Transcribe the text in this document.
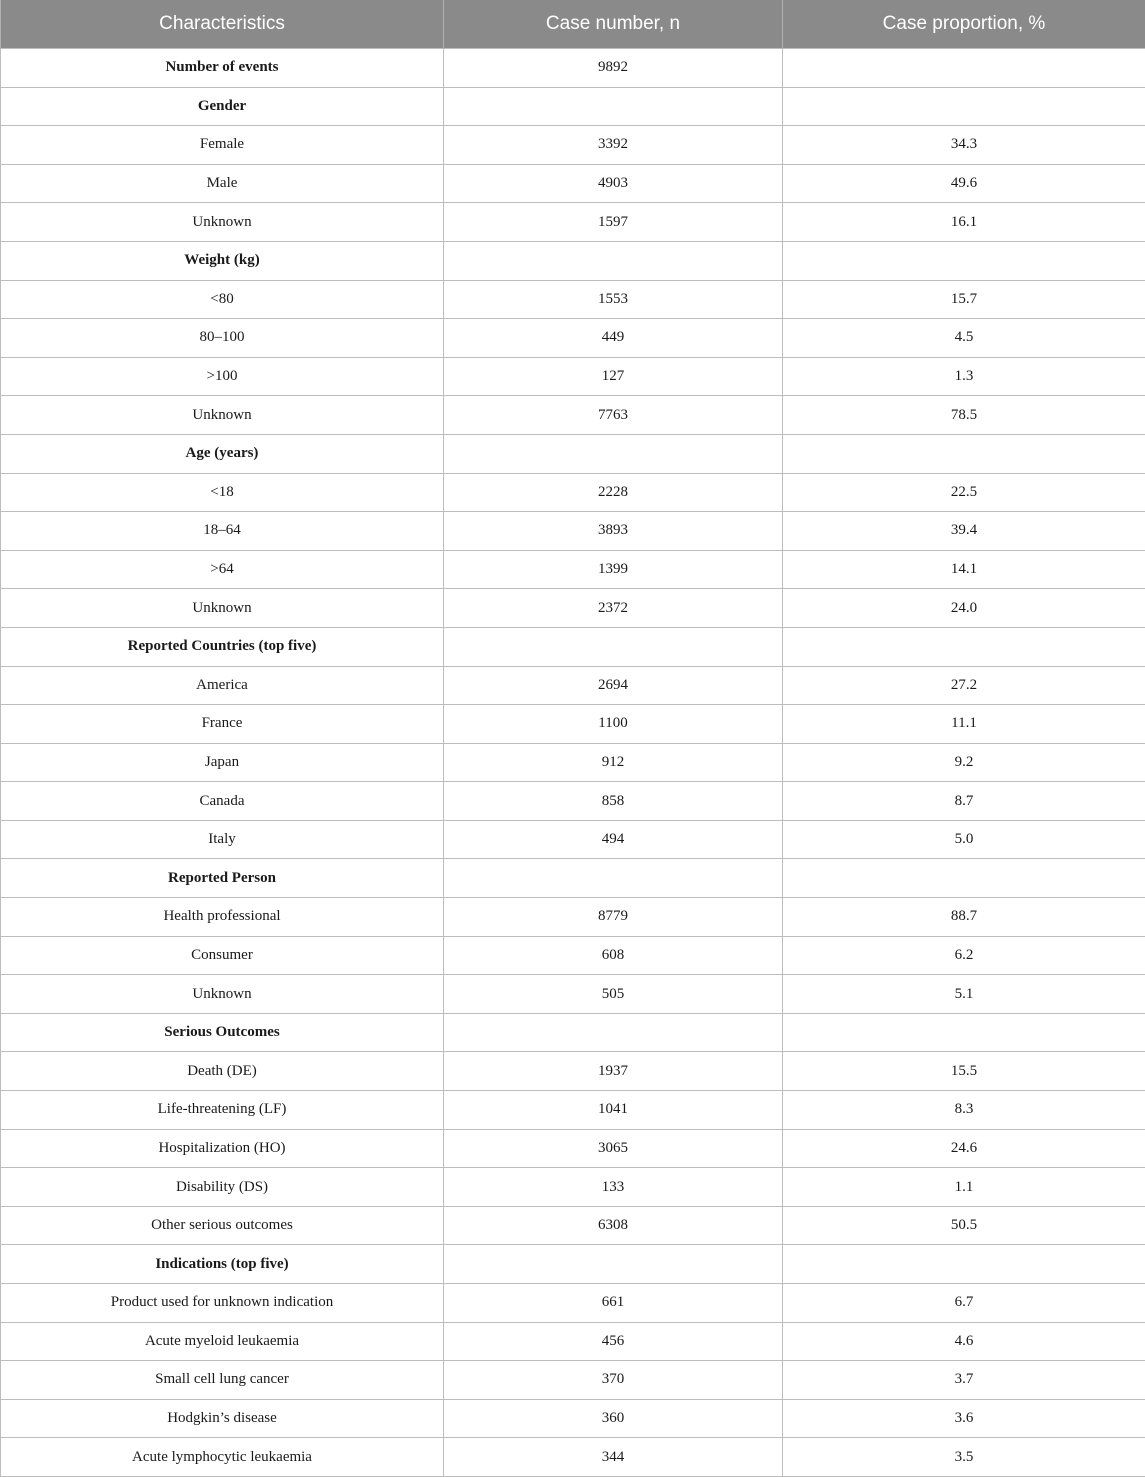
Characteristics	Case number, n	Case proportion, %
Number of events	9892	
Gender		
Female	3392	34.3
Male	4903	49.6
Unknown	1597	16.1
Weight (kg)		
<80	1553	15.7
80–100	449	4.5
>100	127	1.3
Unknown	7763	78.5
Age (years)		
<18	2228	22.5
18–64	3893	39.4
>64	1399	14.1
Unknown	2372	24.0
Reported Countries (top five)		
America	2694	27.2
France	1100	11.1
Japan	912	9.2
Canada	858	8.7
Italy	494	5.0
Reported Person		
Health professional	8779	88.7
Consumer	608	6.2
Unknown	505	5.1
Serious Outcomes		
Death (DE)	1937	15.5
Life-threatening (LF)	1041	8.3
Hospitalization (HO)	3065	24.6
Disability (DS)	133	1.1
Other serious outcomes	6308	50.5
Indications (top five)		
Product used for unknown indication	661	6.7
Acute myeloid leukaemia	456	4.6
Small cell lung cancer	370	3.7
Hodgkin’s disease	360	3.6
Acute lymphocytic leukaemia	344	3.5
